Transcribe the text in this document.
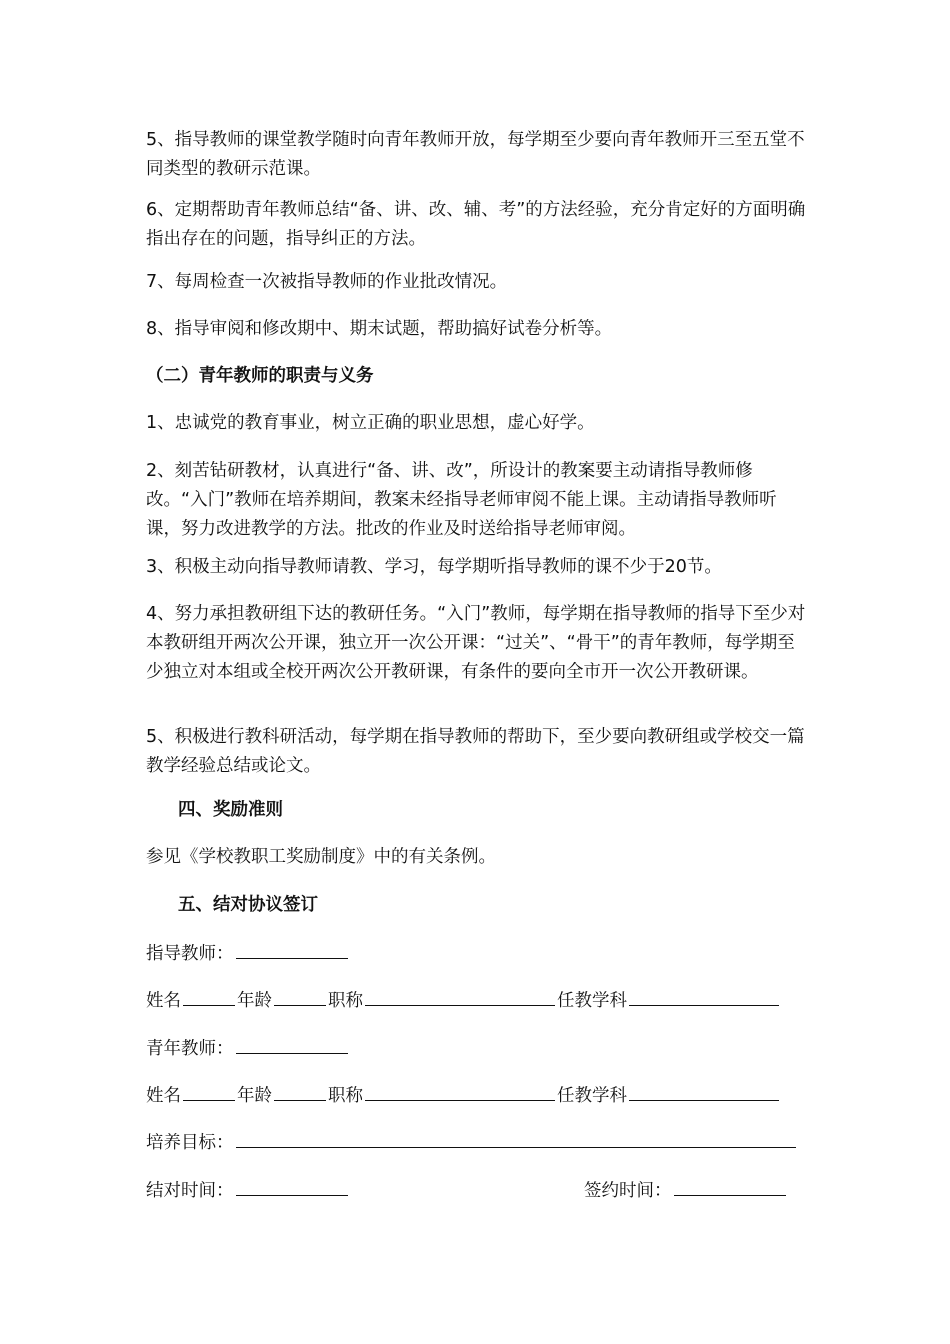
5、指导教师的课堂教学随时向青年教师开放，每学期至少要向青年教师开三至五堂不同类型的教研示范课。

6、定期帮助青年教师总结“备、讲、改、辅、考”的方法经验，充分肯定好的方面明确指出存在的问题，指导纠正的方法。

7、每周检查一次被指导教师的作业批改情况。

8、指导审阅和修改期中、期末试题，帮助搞好试卷分析等。

（二）青年教师的职责与义务

1、忠诚党的教育事业，树立正确的职业思想，虚心好学。

2、刻苦钻研教材，认真进行“备、讲、改”，所设计的教案要主动请指导教师修改。“入门”教师在培养期间，教案未经指导老师审阅不能上课。主动请指导教师听课，努力改进教学的方法。批改的作业及时送给指导老师审阅。

3、积极主动向指导教师请教、学习，每学期听指导教师的课不少于20节。

4、努力承担教研组下达的教研任务。“入门”教师，每学期在指导教师的指导下至少对本教研组开两次公开课，独立开一次公开课：“过关”、“骨干”的青年教师，每学期至少独立对本组或全校开两次公开教研课，有条件的要向全市开一次公开教研课。

5、积极进行教科研活动，每学期在指导教师的帮助下，至少要向教研组或学校交一篇教学经验总结或论文。

四、奖励准则

参见《学校教职工奖励制度》中的有关条例。

五、结对协议签订

指导教师：
姓名	年龄	职称	任教学科
青年教师：
姓名	年龄	职称	任教学科
培养目标：
结对时间：	签约时间：
